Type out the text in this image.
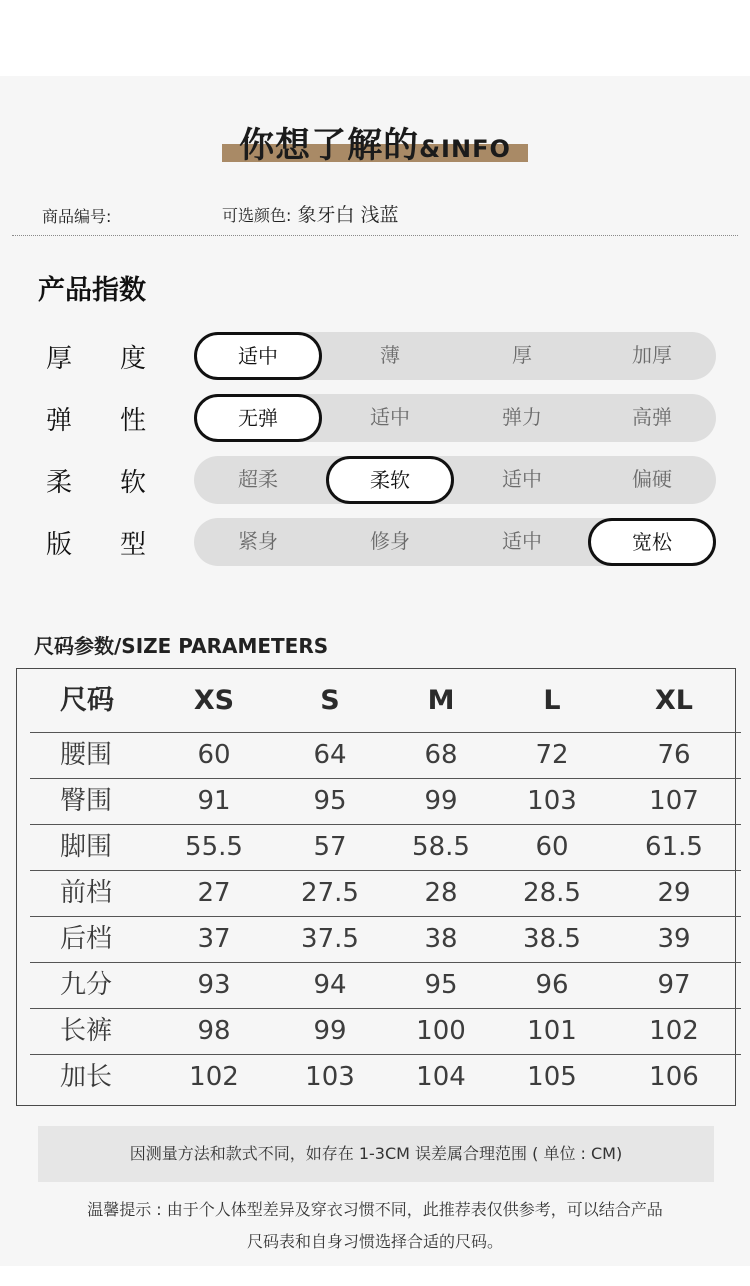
你想了解的&INFO
商品编号:	可选颜色: 象牙白 浅蓝
产品指数
厚 度	适中	薄	厚	加厚
弹 性	无弹	适中	弹力	高弹
柔 软	超柔	柔软	适中	偏硬
版 型	紧身	修身	适中	宽松
尺码参数/SIZE PARAMETERS
尺码	XS	S	M	L	XL
腰围	60	64	68	72	76
臀围	91	95	99	103	107
脚围	55.5	57	58.5	60	61.5
前档	27	27.5	28	28.5	29
后档	37	37.5	38	38.5	39
九分	93	94	95	96	97
长裤	98	99	100	101	102
加长	102	103	104	105	106
因测量方法和款式不同，如存在 1-3CM 误差属合理范围 ( 单位 : CM)
温馨提示 : 由于个人体型差异及穿衣习惯不同，此推荐表仅供参考，可以结合产品
尺码表和自身习惯选择合适的尺码。
